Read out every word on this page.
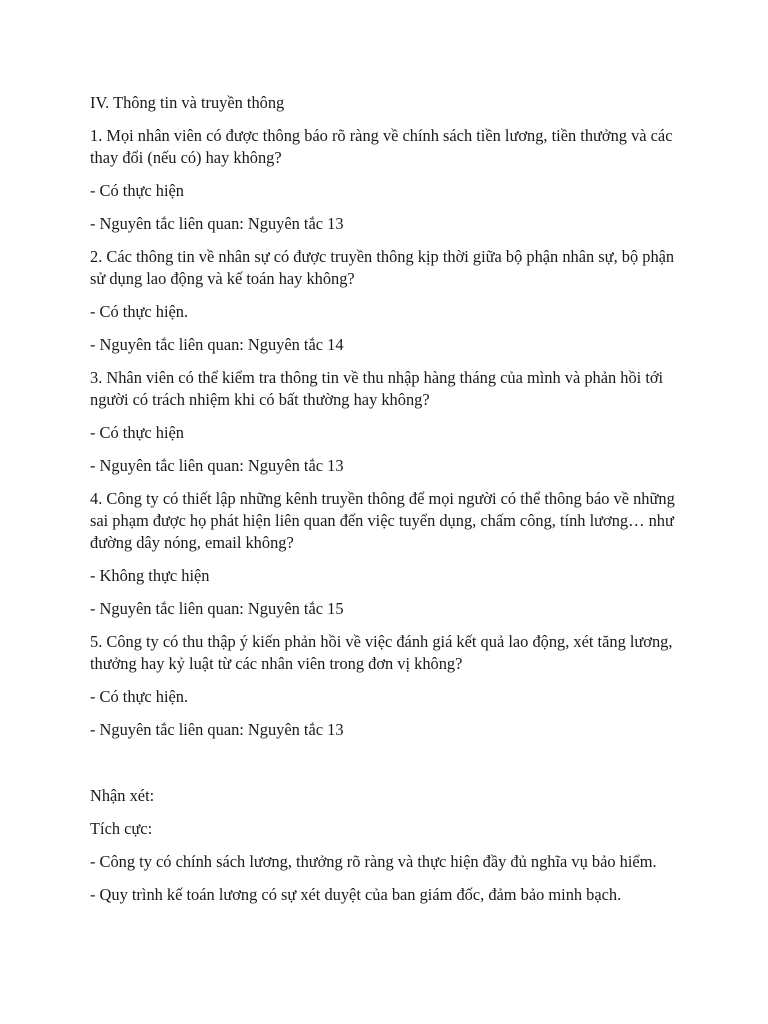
IV. Thông tin và truyền thông

1. Mọi nhân viên có được thông báo rõ ràng về chính sách tiền lương, tiền thưởng và các thay đổi (nếu có) hay không?

- Có thực hiện

- Nguyên tắc liên quan: Nguyên tắc 13

2. Các thông tin về nhân sự có được truyền thông kịp thời giữa bộ phận nhân sự, bộ phận sử dụng lao động và kế toán hay không?

- Có thực hiện.

- Nguyên tắc liên quan: Nguyên tắc 14

3. Nhân viên có thể kiểm tra thông tin về thu nhập hàng tháng của mình và phản hồi tới người có trách nhiệm khi có bất thường hay không?

- Có thực hiện

- Nguyên tắc liên quan: Nguyên tắc 13

4. Công ty có thiết lập những kênh truyền thông để mọi người có thể thông báo về những sai phạm được họ phát hiện liên quan đến việc tuyển dụng, chấm công, tính lương… như đường dây nóng, email không?

- Không thực hiện

- Nguyên tắc liên quan: Nguyên tắc 15

5. Công ty có thu thập ý kiến phản hồi về việc đánh giá kết quả lao động, xét tăng lương, thưởng hay kỷ luật từ các nhân viên trong đơn vị không?

- Có thực hiện.

- Nguyên tắc liên quan: Nguyên tắc 13

Nhận xét:

Tích cực:

- Công ty có chính sách lương, thưởng rõ ràng và thực hiện đầy đủ nghĩa vụ bảo hiểm.

- Quy trình kế toán lương có sự xét duyệt của ban giám đốc, đảm bảo minh bạch.
